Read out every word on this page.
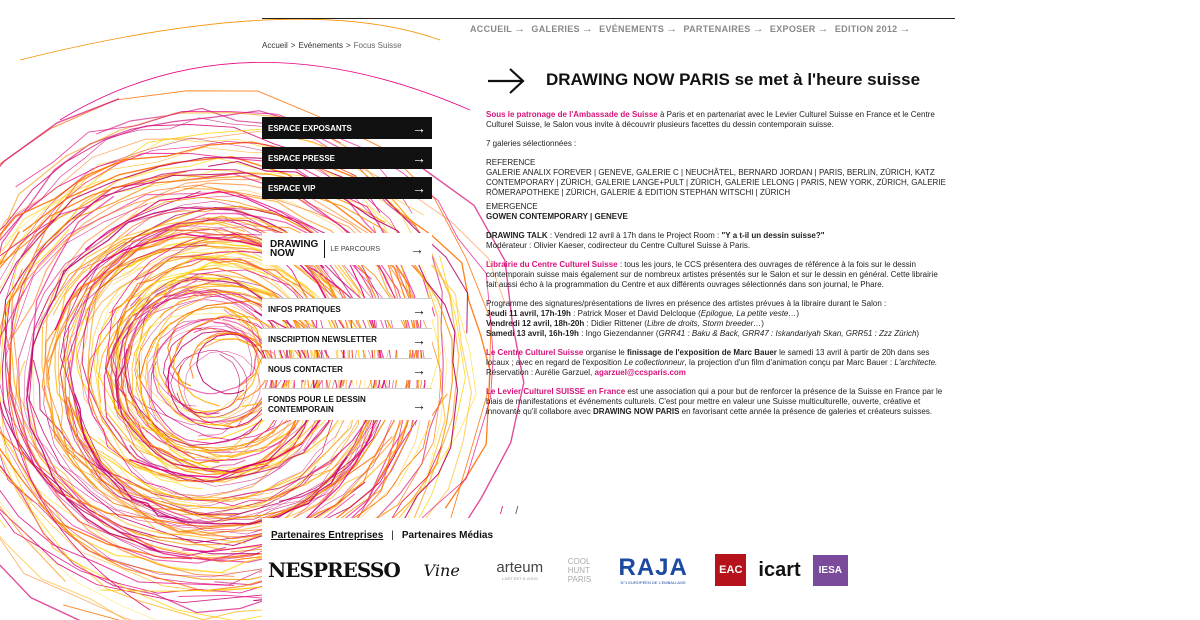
ACCUEIL → GALERIES → EVÉNEMENTS → PARTENAIRES → EXPOSER → EDITION 2012 →
Accueil > Evénements > Focus Suisse
ESPACE EXPOSANTS	→
ESPACE PRESSE	→
ESPACE VIP	→
DRAWING
NOW	LE PARCOURS	→
INFOS PRATIQUES	→
INSCRIPTION NEWSLETTER	→
NOUS CONTACTER	→
FONDS POUR LE DESSIN CONTEMPORAIN	→
DRAWING NOW PARIS se met à l'heure suisse

Sous le patronage de l'Ambassade de Suisse à Paris et en partenariat avec le Levier Culturel Suisse en France et le Centre Culturel Suisse, le Salon vous invite à découvrir plusieurs facettes du dessin contemporain suisse.

7 galeries sélectionnées :

REFERENCE
GALERIE ANALIX FOREVER | GENEVE, GALERIE C | NEUCHÂTEL, BERNARD JORDAN | PARIS, BERLIN, ZÜRICH, KATZ CONTEMPORARY | ZÜRICH, GALERIE LANGE+PULT | ZÜRICH, GALERIE LELONG | PARIS, NEW YORK, ZÜRICH, GALERIE RÖMERAPOTHEKE | ZÜRICH, GALERIE & EDITION STEPHAN WITSCHI | ZÜRICH

EMERGENCE
GOWEN CONTEMPORARY | GENEVE

DRAWING TALK : Vendredi 12 avril à 17h dans le Project Room : "Y a t-il un dessin suisse?"
Modérateur : Olivier Kaeser, codirecteur du Centre Culturel Suisse à Paris.

Librairie du Centre Culturel Suisse : tous les jours, le CCS présentera des ouvrages de référence à la fois sur le dessin contemporain suisse mais également sur de nombreux artistes présentés sur le Salon et sur le dessin en général. Cette librairie fait aussi écho à la programmation du Centre et aux différents ouvrages sélectionnés dans son journal, le Phare.

Programme des signatures/présentations de livres en présence des artistes prévues à la libraire durant le Salon :
Jeudi 11 avril, 17h-19h : Patrick Moser et David Delcloque (Epilogue, La petite veste…)
Vendredi 12 avril, 18h-20h : Didier Rittener (Libre de droits, Storm breeder…)
Samedi 13 avril, 16h-19h : Ingo Giezendanner (GRR41 : Baku & Back, GRR47 : Iskandariyah Skan, GRR51 : Zzz Zürich)

Le Centre Culturel Suisse organise le finissage de l'exposition de Marc Bauer le samedi 13 avril à partir de 20h dans ses locaux ; avec en regard de l'exposition Le collectionneur, la projection d'un film d'animation conçu par Marc Bauer : L'architecte.
Réservation : Aurélie Garzuel, agarzuel@ccsparis.com

Le Levier Culturel SUISSE en France est une association qui a pour but de renforcer la présence de la Suisse en France par le biais de manifestations et événements culturels. C'est pour mettre en valeur une Suisse multiculturelle, ouverte, créative et innovante qu'il collabore avec DRAWING NOW PARIS en favorisant cette année la présence de galeries et créateurs suisses.

/ /
Partenaires Entreprises | Partenaires Médias
NESPRESSO Vine arteum
L'ART EST À VOUS
COOL
HUNT
PARIS RAJA
N°1 EUROPÉEN DE L'EMBALLAGE
EAC icart	IESA
